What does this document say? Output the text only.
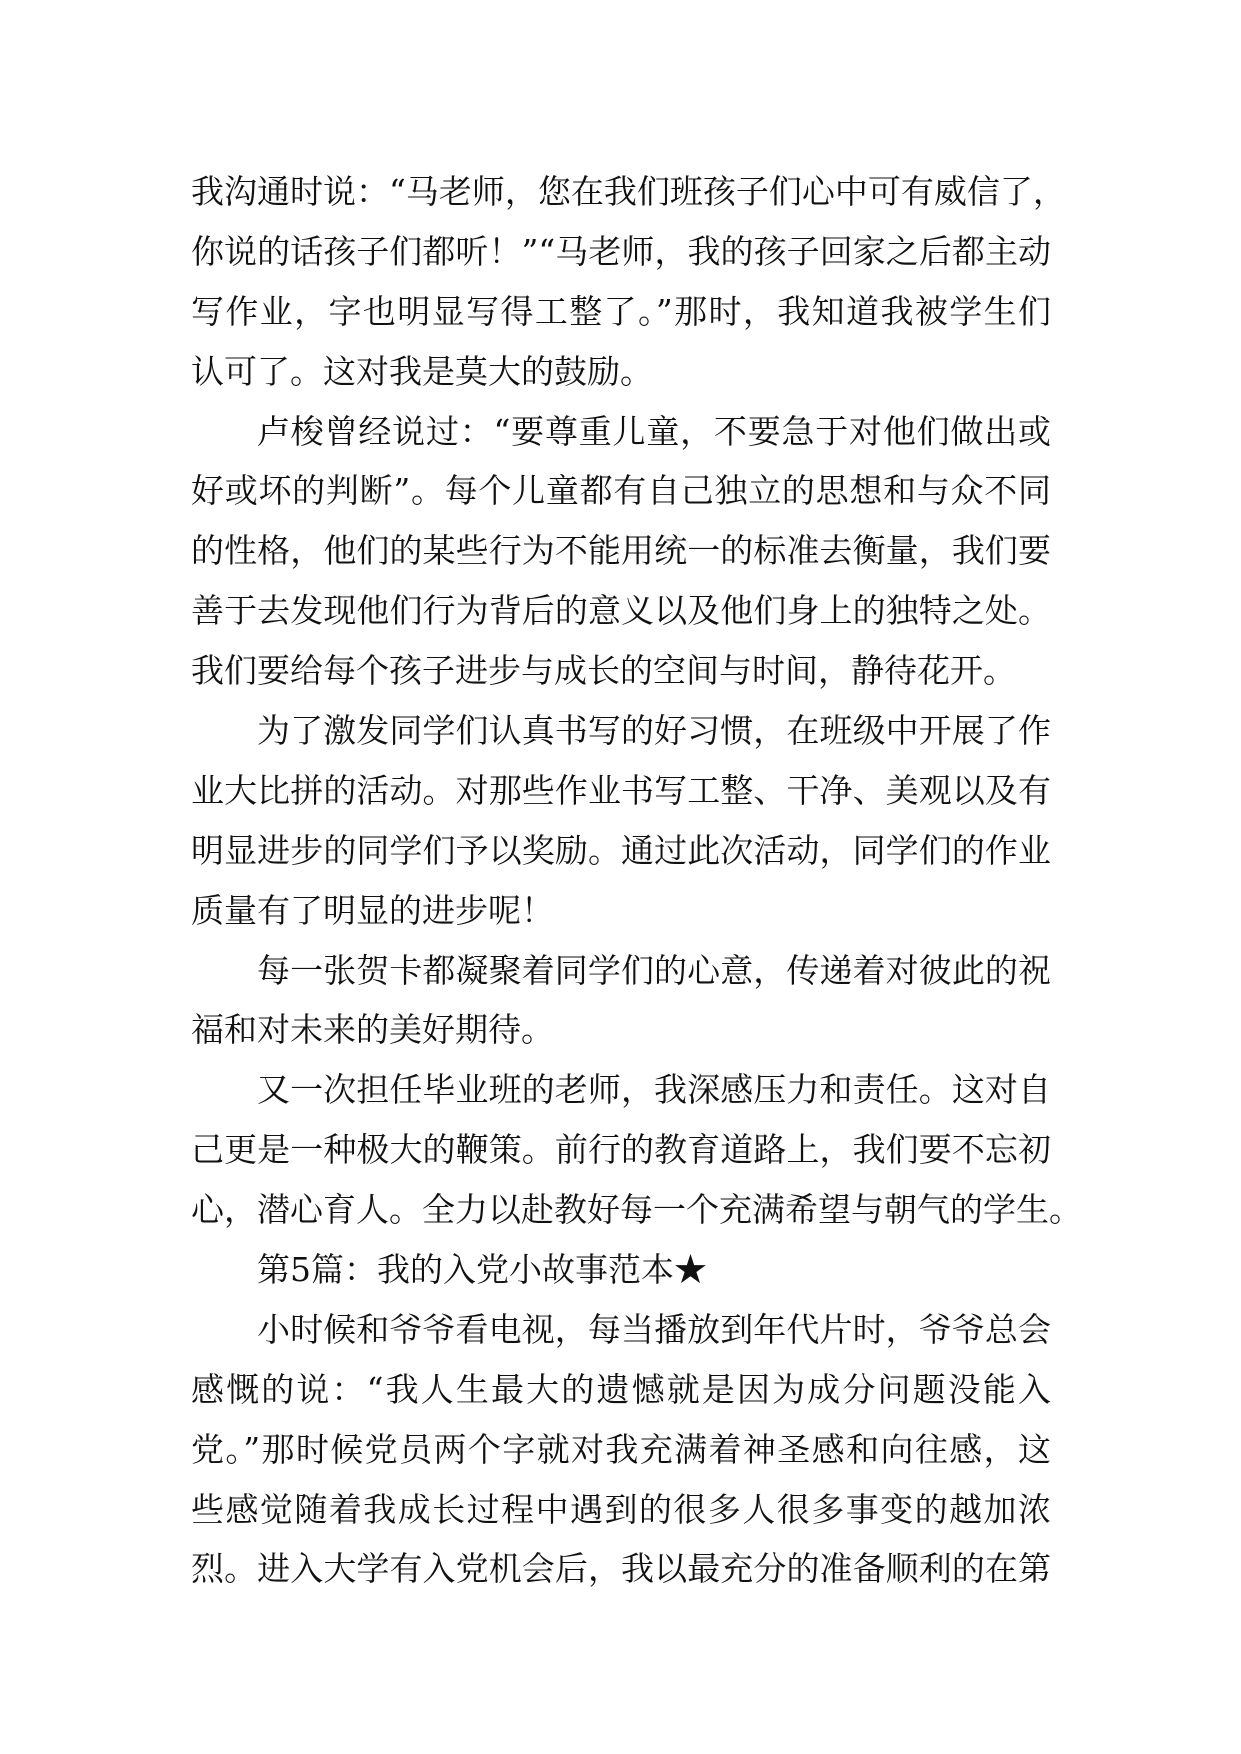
我沟通时说：“马老师，您在我们班孩子们心中可有威信了，
你说的话孩子们都听！”“马老师，我的孩子回家之后都主动
写作业，字也明显写得工整了。”那时，我知道我被学生们
认可了。这对我是莫大的鼓励。
卢梭曾经说过：“要尊重儿童，不要急于对他们做出或
好或坏的判断”。每个儿童都有自己独立的思想和与众不同
的性格，他们的某些行为不能用统一的标准去衡量，我们要
善于去发现他们行为背后的意义以及他们身上的独特之处。
我们要给每个孩子进步与成长的空间与时间，静待花开。
为了激发同学们认真书写的好习惯，在班级中开展了作
业大比拼的活动。对那些作业书写工整、干净、美观以及有
明显进步的同学们予以奖励。通过此次活动，同学们的作业
质量有了明显的进步呢！
每一张贺卡都凝聚着同学们的心意，传递着对彼此的祝
福和对未来的美好期待。
又一次担任毕业班的老师，我深感压力和责任。这对自
己更是一种极大的鞭策。前行的教育道路上，我们要不忘初
心，潜心育人。全力以赴教好每一个充满希望与朝气的学生。
第5篇：我的入党小故事范本★
小时候和爷爷看电视，每当播放到年代片时，爷爷总会
感慨的说：“我人生最大的遗憾就是因为成分问题没能入
党。”那时候党员两个字就对我充满着神圣感和向往感，这
些感觉随着我成长过程中遇到的很多人很多事变的越加浓
烈。进入大学有入党机会后，我以最充分的准备顺利的在第
